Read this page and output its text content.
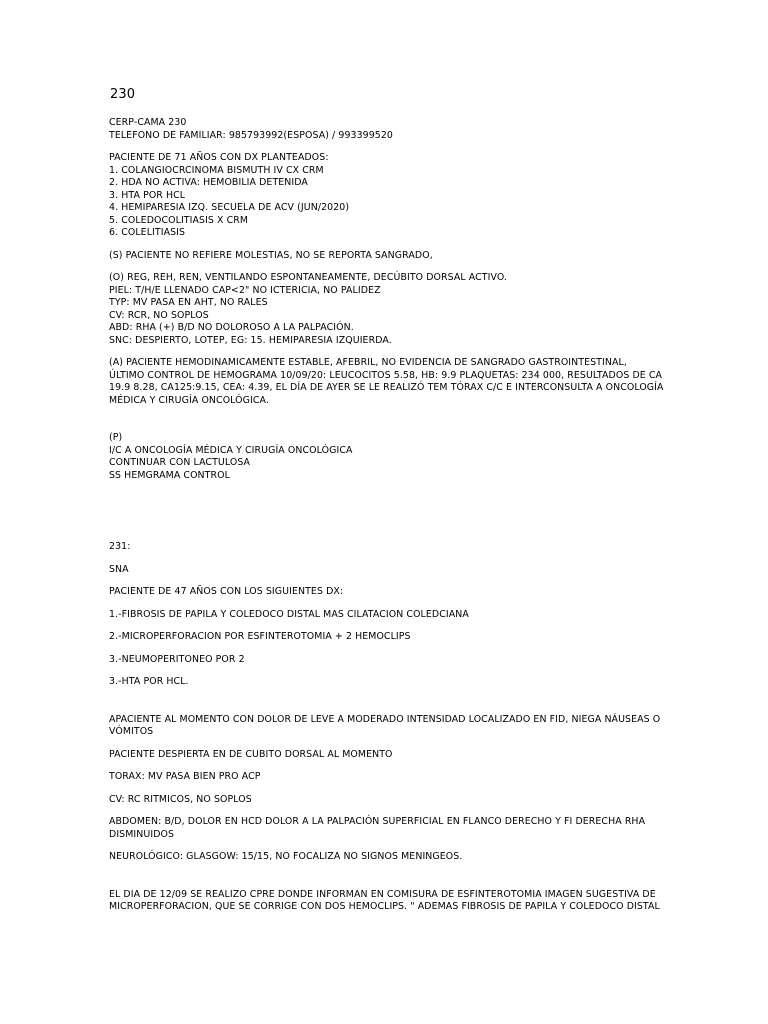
230
CERP-CAMA 230
TELEFONO DE FAMILIAR: 985793992(ESPOSA) / 993399520
PACIENTE DE 71 AÑOS CON DX PLANTEADOS:
1. COLANGIOCRCINOMA BISMUTH IV CX CRM
2. HDA NO ACTIVA: HEMOBILIA DETENIDA
3. HTA POR HCL
4. HEMIPARESIA IZQ. SECUELA DE ACV (JUN/2020)
5. COLEDOCOLITIASIS X CRM
6. COLELITIASIS
(S) PACIENTE NO REFIERE MOLESTIAS, NO SE REPORTA SANGRADO,
(O) REG, REH, REN, VENTILANDO ESPONTANEAMENTE, DECÚBITO DORSAL ACTIVO.
PIEL: T/H/E LLENADO CAP<2" NO ICTERICIA, NO PALIDEZ
TYP: MV PASA EN AHT, NO RALES
CV: RCR, NO SOPLOS
ABD: RHA (+) B/D NO DOLOROSO A LA PALPACIÓN.
SNC: DESPIERTO, LOTEP, EG: 15. HEMIPARESIA IZQUIERDA.
(A) PACIENTE HEMODINAMICAMENTE ESTABLE, AFEBRIL, NO EVIDENCIA DE SANGRADO GASTROINTESTINAL,
ÚLTIMO CONTROL DE HEMOGRAMA 10/09/20: LEUCOCITOS 5.58, HB: 9.9 PLAQUETAS: 234 000, RESULTADOS DE CA
19.9 8.28, CA125:9.15, CEA: 4.39, EL DÍA DE AYER SE LE REALIZÓ TEM TÓRAX C/C E INTERCONSULTA A ONCOLOGÍA
MÉDICA Y CIRUGÍA ONCOLÓGICA.
(P)
I/C A ONCOLOGÍA MÉDICA Y CIRUGÍA ONCOLÓGICA
CONTINUAR CON LACTULOSA
SS HEMGRAMA CONTROL
231:
SNA
PACIENTE DE 47 AÑOS CON LOS SIGUIENTES DX:
1.-FIBROSIS DE PAPILA Y COLEDOCO DISTAL MAS CILATACION COLEDCIANA
2.-MICROPERFORACION POR ESFINTEROTOMIA + 2 HEMOCLIPS
3.-NEUMOPERITONEO POR 2
3.-HTA POR HCL.
APACIENTE AL MOMENTO CON DOLOR DE LEVE A MODERADO INTENSIDAD LOCALIZADO EN FID, NIEGA NÁUSEAS O
VÓMITOS
PACIENTE DESPIERTA EN DE CUBITO DORSAL AL MOMENTO
TORAX: MV PASA BIEN PRO ACP
CV: RC RITMICOS, NO SOPLOS
ABDOMEN: B/D, DOLOR EN HCD DOLOR A LA PALPACIÓN SUPERFICIAL EN FLANCO DERECHO Y FI DERECHA RHA
DISMINUIDOS
NEUROLÓGICO: GLASGOW: 15/15, NO FOCALIZA NO SIGNOS MENINGEOS.
EL DIA DE 12/09 SE REALIZO CPRE DONDE INFORMAN EN COMISURA DE ESFINTEROTOMIA IMAGEN SUGESTIVA DE
MICROPERFORACION, QUE SE CORRIGE CON DOS HEMOCLIPS. " ADEMAS FIBROSIS DE PAPILA Y COLEDOCO DISTAL
